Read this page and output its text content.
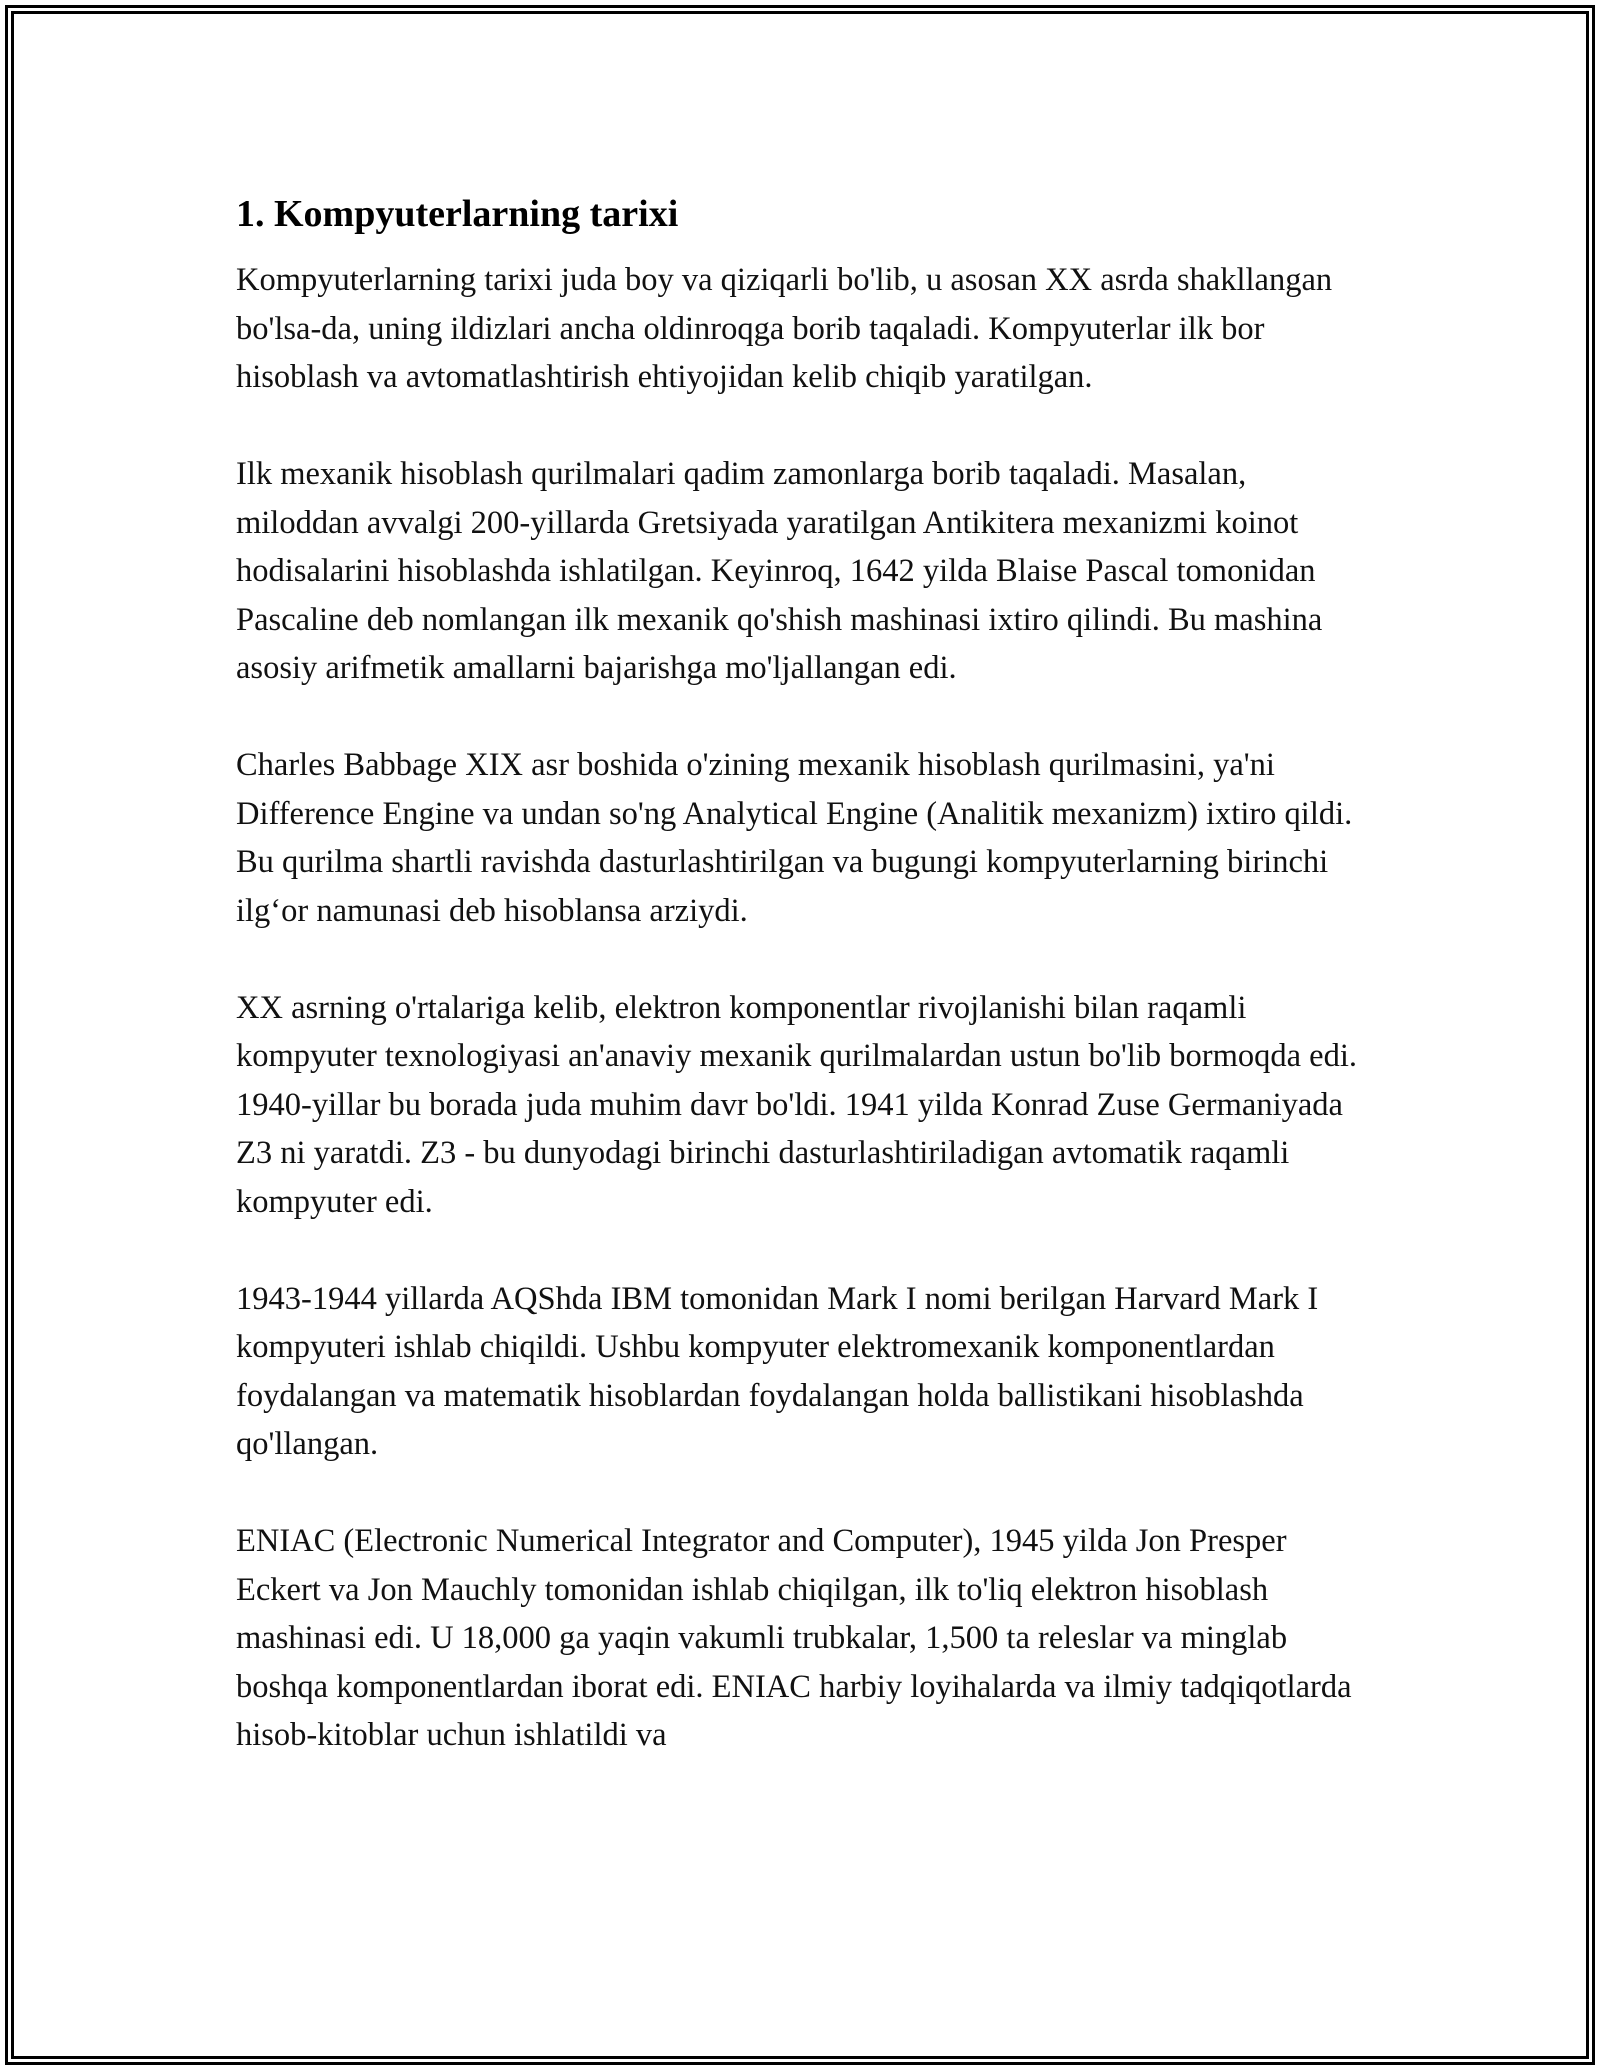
1. Kompyuterlarning tarixi

Kompyuterlarning tarixi juda boy va qiziqarli bo'lib, u asosan XX asrda shakllangan bo'lsa-da, uning ildizlari ancha oldinroqga borib taqaladi. Kompyuterlar ilk bor hisoblash va avtomatlashtirish ehtiyojidan kelib chiqib yaratilgan.

Ilk mexanik hisoblash qurilmalari qadim zamonlarga borib taqaladi. Masalan, miloddan avvalgi 200-yillarda Gretsiyada yaratilgan Antikitera mexanizmi koinot hodisalarini hisoblashda ishlatilgan. Keyinroq, 1642 yilda Blaise Pascal tomonidan Pascaline deb nomlangan ilk mexanik qo'shish mashinasi ixtiro qilindi. Bu mashina asosiy arifmetik amallarni bajarishga mo'ljallangan edi.

Charles Babbage XIX asr boshida o'zining mexanik hisoblash qurilmasini, ya'ni Difference Engine va undan so'ng Analytical Engine (Analitik mexanizm) ixtiro qildi. Bu qurilma shartli ravishda dasturlashtirilgan va bugungi kompyuterlarning birinchi ilg‘or namunasi deb hisoblansa arziydi.

XX asrning o'rtalariga kelib, elektron komponentlar rivojlanishi bilan raqamli kompyuter texnologiyasi an'anaviy mexanik qurilmalardan ustun bo'lib bormoqda edi. 1940-yillar bu borada juda muhim davr bo'ldi. 1941 yilda Konrad Zuse Germaniyada Z3 ni yaratdi. Z3 - bu dunyodagi birinchi dasturlashtiriladigan avtomatik raqamli kompyuter edi.

1943-1944 yillarda AQShda IBM tomonidan Mark I nomi berilgan Harvard Mark I kompyuteri ishlab chiqildi. Ushbu kompyuter elektromexanik komponentlardan foydalangan va matematik hisoblardan foydalangan holda ballistikani hisoblashda qo'llangan.

ENIAC (Electronic Numerical Integrator and Computer), 1945 yilda Jon Presper Eckert va Jon Mauchly tomonidan ishlab chiqilgan, ilk to'liq elektron hisoblash mashinasi edi. U 18,000 ga yaqin vakumli trubkalar, 1,500 ta releslar va minglab boshqa komponentlardan iborat edi. ENIAC harbiy loyihalarda va ilmiy tadqiqotlarda hisob-kitoblar uchun ishlatildi va
